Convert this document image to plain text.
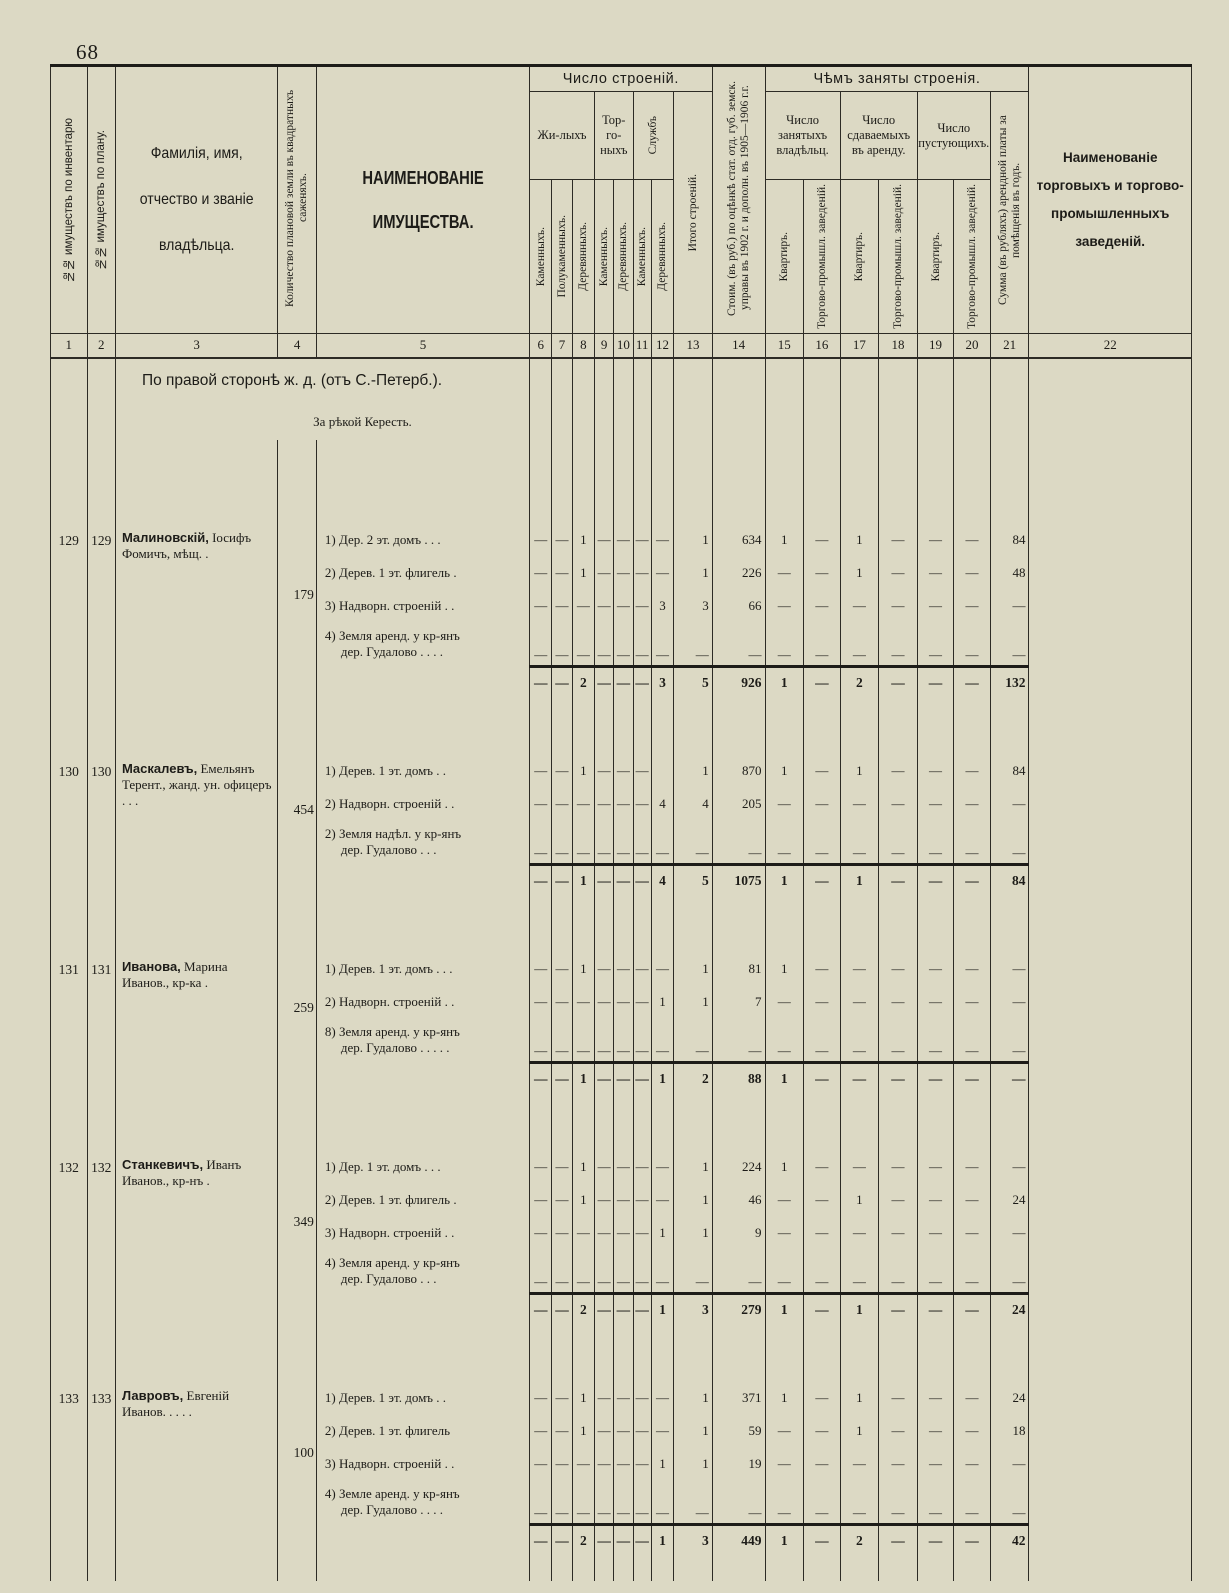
68
№№ имуществъ по инвентарю	№№ имуществъ по плану.	Фамилія, имя, отчество и званіе владѣльца.	Количество плановой земли въ квадратныхъ саженяхъ.	НАИМЕНОВАНІЕ ИМУЩЕСТВА.	Число строеній.								Стоим. (въ руб.) по оцѣнкѣ стат. отд. губ. земск. управы въ 1902 г. и дополн. въ 1905—1906 г.г.	Чѣмъ заняты строенія.							Наименованіе торговыхъ и торгово-промышленныхъ заведеній.

					Жи-лыхъ			Тор-го-ныхъ		Службъ		Итого строеній.		Число занятыхъ владѣльц.		Число сдаваемыхъ въ аренду.		Число пустующихъ.		Сумма (въ рубляхъ) арендной платы за помѣщенія въ годъ.	

					Каменныхъ.	Полукаменныхъ.	Деревянныхъ.	Каменныхъ.	Деревянныхъ.	Каменныхъ.	Деревянныхъ.			Квартиръ.	Торгово-промышл. заведеній.	Квартиръ.	Торгово-промышл. заведеній.	Квартиръ.	Торгово-промышл. заведеній.		

1	2	3	4	5	6	7	8	9	10	11	12	13	14	15	16	17	18	19	20	21	22
		По правой сторонѣ ж. д. (отъ С.-Петерб.).																			
		За рѣкой Кересть.																			

129	129	Малиновскій, Іосифъ Фомичъ, мѣщ. .	179	1) Дер. 2 эт. домъ . . .	—	—	1	—	—	—	—	1	634	1	—	1	—	—	—	84	

				2) Дерев. 1 эт. флигель .	—	—	1	—	—	—	—	1	226	—	—	1	—	—	—	48	

				3) Надворн. строеній . .	—	—	—	—	—	—	3	3	66	—	—	—	—	—	—	—	

				4) Земля аренд. у кр-янъ
дер. Гудалово . . . .	—	—	—	—	—	—	—	—	—	—	—	—	—	—	—	—	
					—	—	2	—	—	—	3	5	926	1	—	2	—	—	—	132	

130	130	Маскалевъ, Емельянъ Терент., жанд. ун. офицеръ . . .	454	1) Дерев. 1 эт. домъ . .	—	—	1	—	—	—		1	870	1	—	1	—	—	—	84	

				2) Надворн. строеній . .	—	—	—	—	—	—	4	4	205	—	—	—	—	—	—	—	

				2) Земля надѣл. у кр-янъ
дер. Гудалово . . .	—	—	—	—	—	—	—	—	—	—	—	—	—	—	—	—	
					—	—	1	—	—	—	4	5	1075	1	—	1	—	—	—	84	

131	131	Иванова, Марина Иванов., кр-ка .	259	1) Дерев. 1 эт. домъ . . .	—	—	1	—	—	—	—	1	81	1	—	—	—	—	—	—	

				2) Надворн. строеній . .	—	—	—	—	—	—	1	1	7	—	—	—	—	—	—	—	

				8) Земля аренд. у кр-янъ
дер. Гудалово . . . . .	—	—	—	—	—	—	—	—	—	—	—	—	—	—	—	—	
					—	—	1	—	—	—	1	2	88	1	—	—	—	—	—	—	

132	132	Станкевичъ, Иванъ Иванов., кр-нъ .	349	1) Дер. 1 эт. домъ . . .	—	—	1	—	—	—	—	1	224	1	—	—	—	—	—	—	

				2) Дерев. 1 эт. флигель .	—	—	1	—	—	—	—	1	46	—	—	1	—	—	—	24	

				3) Надворн. строеній . .	—	—	—	—	—	—	1	1	9	—	—	—	—	—	—	—	

				4) Земля аренд. у кр-янъ
дер. Гудалово . . .	—	—	—	—	—	—	—	—	—	—	—	—	—	—	—	—	
					—	—	2	—	—	—	1	3	279	1	—	1	—	—	—	24	

133	133	Лавровъ, Евгеній Иванов. . . . .	100	1) Дерев. 1 эт. домъ . .	—	—	1	—	—	—	—	1	371	1	—	1	—	—	—	24	

				2) Дерев. 1 эт. флигель	—	—	1	—	—	—	—	1	59	—	—	1	—	—	—	18	

				3) Надворн. строеній . .	—	—	—	—	—	—	1	1	19	—	—	—	—	—	—	—	

				4) Земле аренд. у кр-янъ
дер. Гудалово . . . .	—	—	—	—	—	—	—	—	—	—	—	—	—	—	—	—	
					—	—	2	—	—	—	1	3	449	1	—	2	—	—	—	42	
